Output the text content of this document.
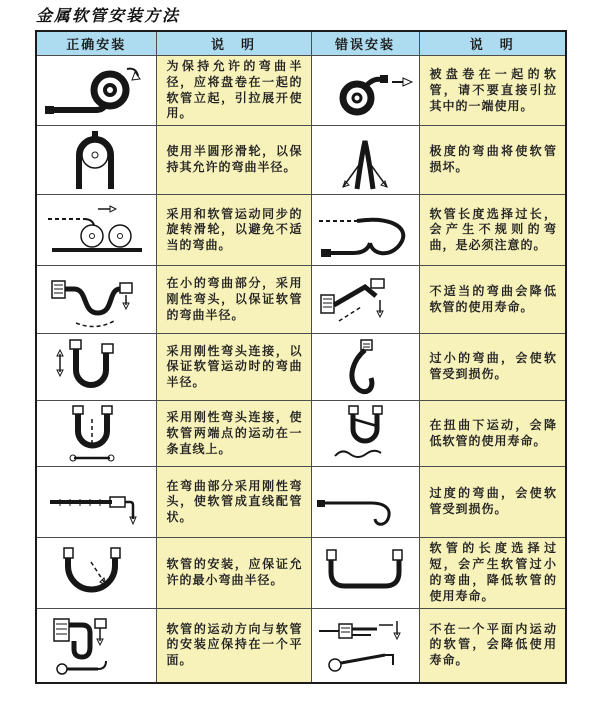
金属软管安装方法
正确安装	说　明	错误安装	说　明

	为保持允许的弯曲半径，应将盘卷在一起的软管立起，引拉展开使用。		被盘卷在一起的软管，请不要直接引拉其中的一端使用。

	使用半圆形滑轮，以保持其允许的弯曲半径。		极度的弯曲将使软管损坏。

	采用和软管运动同步的旋转滑轮，以避免不适当的弯曲。		软管长度选择过长，会产生不规则的弯曲，是必须注意的。

	在小的弯曲部分，采用刚性弯头，以保证软管的弯曲半径。		不适当的弯曲会降低软管的使用寿命。

	采用刚性弯头连接，以保证软管运动时的弯曲半径。		过小的弯曲，会使软管受到损伤。

	采用刚性弯头连接，使软管两端点的运动在一条直线上。		在扭曲下运动，会降低软管的使用寿命。

	在弯曲部分采用刚性弯头，使软管成直线配管状。		过度的弯曲，会使软管受到损伤。

	软管的安装，应保证允许的最小弯曲半径。		软管的长度选择过短，会产生软管过小的弯曲，降低软管的使用寿命。

	软管的运动方向与软管的安装应保持在一个平面。		不在一个平面内运动的软管，会降低使用寿命。
